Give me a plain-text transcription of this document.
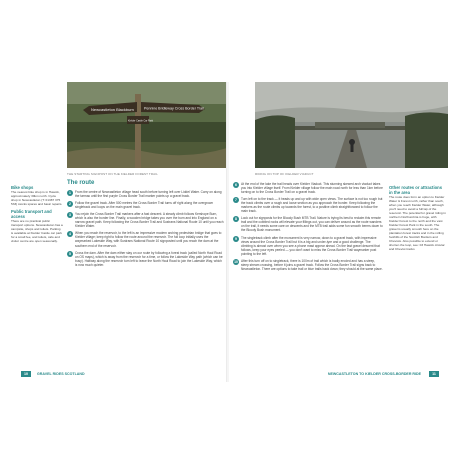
Newcastleton Blackburn	Pennine Bridleway Cross Border Trail
Kielder Castle Car Park
THE STARTING SIGNPOST ON THE KIELDER FOREST TRAIL
Bike shops
The nearest bike shop is in Hawick, approximately 30km north. Cycle shop in Newcastleton (T: 01387 375 533) stocks spares and basic repairs.
Public transport and access
There are no practical public transport options. Newcastleton has a campsite, shops and toilets. Parking is available at Kielder Castle car park for a small fee, and toilets, cafe and visitor centre are open seasonally.
The route
1	From the centre of Newcastleton village head south before turning left over Liddel Water. Carry on along the tarmac until the first purple Cross Border Trail marker points up a gravel track.
2	Follow the gravel track. After 500 metres the Cross Border Trail turns off right along the overgrown singletrack and loops on the main gravel track.
3	You rejoin the Cross Border Trail markers after a fast descent. A steady climb follows Kershope Burn, which is also the border line. Finally, a wooden bridge takes you over the burn and into England on a narrow gravel path. Keep following the Cross Border Trail and Sustrans National Route 10 until you reach Kielder Water.
4	When you reach the reservoir, to the left is an impressive modern arching pedestrian bridge that goes to Kielder village; keep right to follow the route around the reservoir. The full loop initially uses the waymarked Lakeside Way, with Sustrans National Route 10 signposted until you reach the dam at the southern end of the reservoir.
5	Cross the dam. After the dam either stay on our route by following a forest track (called North Haul Road on OS maps), which is away from the reservoir for a time, or follow the Lakeside Way path (which can be busy). Halfway along the reservoir turn left to leave the North Haul Road to join the Lakeside Way, which is now much quieter.
10	GRAVEL RIDES SCOTLAND
RIDING ON TOP OF KIELDER VIADUCT
6	At the end of the lake the trail heads over Kielder Viaduct. This stunning skewed arch viaduct takes you into Kielder village itself. From Kielder village follow the main road north for less than 1km before turning on to the Cross Border Trail on a gravel track.
7	Turn left on to the track — it heads up and up with wide open views. The surface is not too rough but the track climbs over a rough and loose section as you approach the border. Keep following the markers as the route climbs up towards the forest, to a positive climb straightforward to follow the main track.
8	Look out for signposts for the Bloody Bush MTB Trail. Nature is trying its best to reclaim this remote trail and the cobbled rocks will elevate your fillings out, you can deliver around as the route wanders on the trail, it needs some care on descents and the MTB trail adds some fun smooth berms down to the Bloody Bush monument.
9	The singletrack climb after the monument is very narrow, down to a gravel track, with impressive views around the Cross Border Trail but it is a big and under-tyre and a good challenge. The climbing is almost over when you see a phone mast appear ahead. On the fast gravel descent that follows, keep your eyes peeled — you don't want to miss the Cross Border Trail waymarker post pointing to the left.
10 After this turn off on to singletrack, there is 100m of trail which is badly eroded and has a steep, steep stream crossing, before it joins a gravel track. Follow the Cross Border Trail signs back to Newcastleton. There are options to take trail or blue trails back down; they should at the same place.
Other routes or attractions in the area
The route does form an option to Kielder Water & Forest north, rather than south, when you reach Kielder Water, although you'll need to avoid a full lap of the reservoir. The potential for gravel riding in northern Northumbria is huge, with Kielder Forest to the north and the vast Kielder Forest Park in the south. The gravel is usually smooth here on the plantation forest tracks and in the rolling foothills of the Scottish Borders and Cheviots. Also possible to extend or shorten the loop, see: 03 Hawick circular and Cheviot tracks
NEWCASTLETON TO KIELDER CROSS-BORDER RIDE	11
